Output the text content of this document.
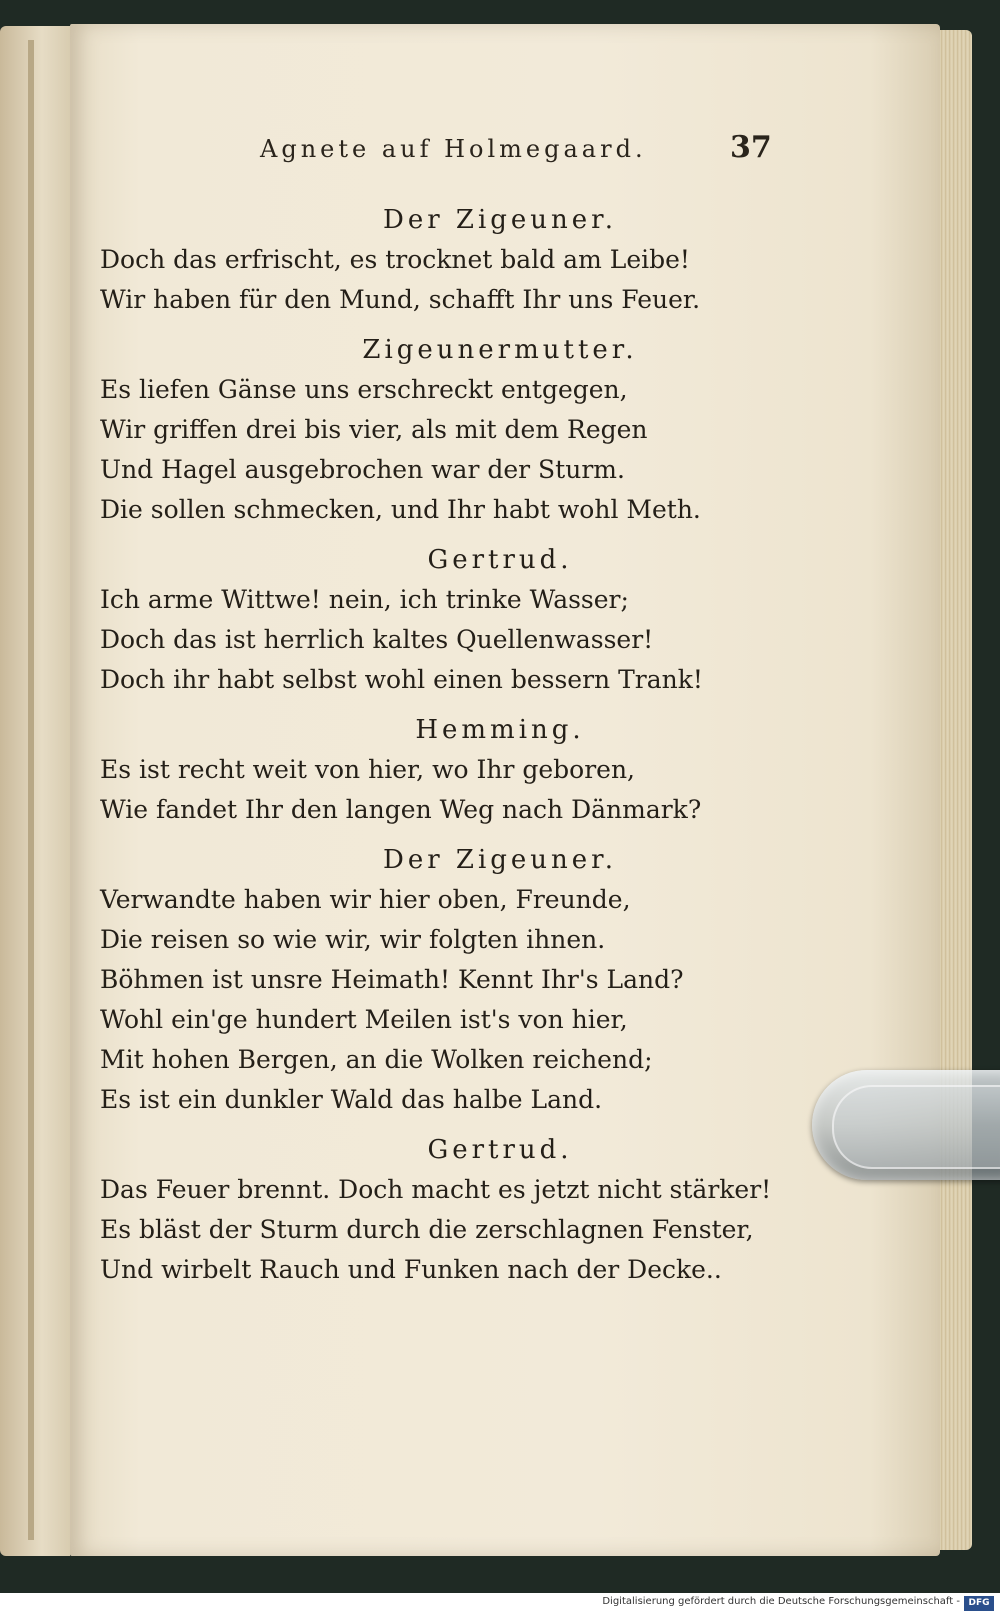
Agnete auf Holmegaard.	37
Der Zigeuner.
Doch das erfrischt, es trocknet bald am Leibe!
Wir haben für den Mund, schafft Ihr uns Feuer.
Zigeunermutter.
Es liefen Gänse uns erschreckt entgegen,
Wir griffen drei bis vier, als mit dem Regen
Und Hagel ausgebrochen war der Sturm.
Die sollen schmecken, und Ihr habt wohl Meth.
Gertrud.
Ich arme Wittwe! nein, ich trinke Wasser;
Doch das ist herrlich kaltes Quellenwasser!
Doch ihr habt selbst wohl einen bessern Trank!
Hemming.
Es ist recht weit von hier, wo Ihr geboren,
Wie fandet Ihr den langen Weg nach Dänmark?
Der Zigeuner.
Verwandte haben wir hier oben, Freunde,
Die reisen so wie wir, wir folgten ihnen.
Böhmen ist unsre Heimath! Kennt Ihr's Land?
Wohl ein'ge hundert Meilen ist's von hier,
Mit hohen Bergen, an die Wolken reichend;
Es ist ein dunkler Wald das halbe Land.
Gertrud.
Das Feuer brennt. Doch macht es jetzt nicht stärker!
Es bläst der Sturm durch die zerschlagnen Fenster,
Und wirbelt Rauch und Funken nach der Decke..
Digitalisierung gefördert durch die Deutsche Forschungsgemeinschaft - DFG
